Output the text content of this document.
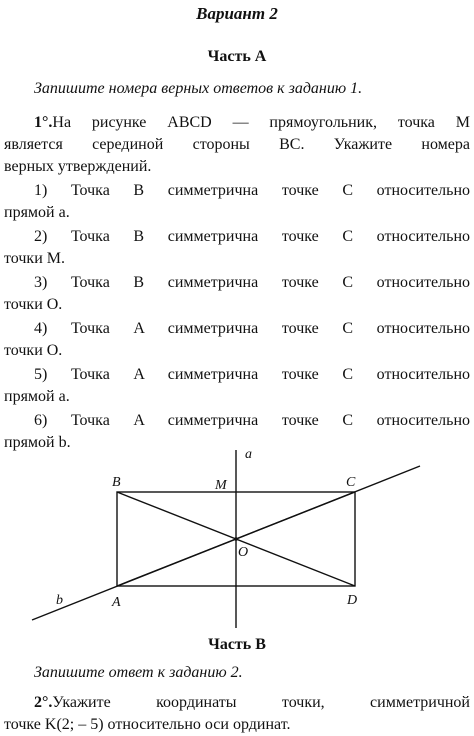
Вариант 2
Часть А
Запишите номера верных ответов к заданию 1.
1°.На рисунке ABCD — прямоугольник, точка M
является серединой стороны BC. Укажите номера
верных утверждений.
1) Точка B симметрична точке C относительно
прямой a.
2) Точка B симметрична точке C относительно
точки M.
3) Точка B симметрична точке C относительно
точки O.
4) Точка A симметрична точке C относительно
точки O.
5) Точка A симметрична точке C относительно
прямой a.
6) Точка A симметрична точке C относительно
прямой b.
a
b
B	C
A	D
M
O
Часть В
Запишите ответ к заданию 2.
2°.Укажите координаты точки, симметричной
точке K(2; – 5) относительно оси ординат.
